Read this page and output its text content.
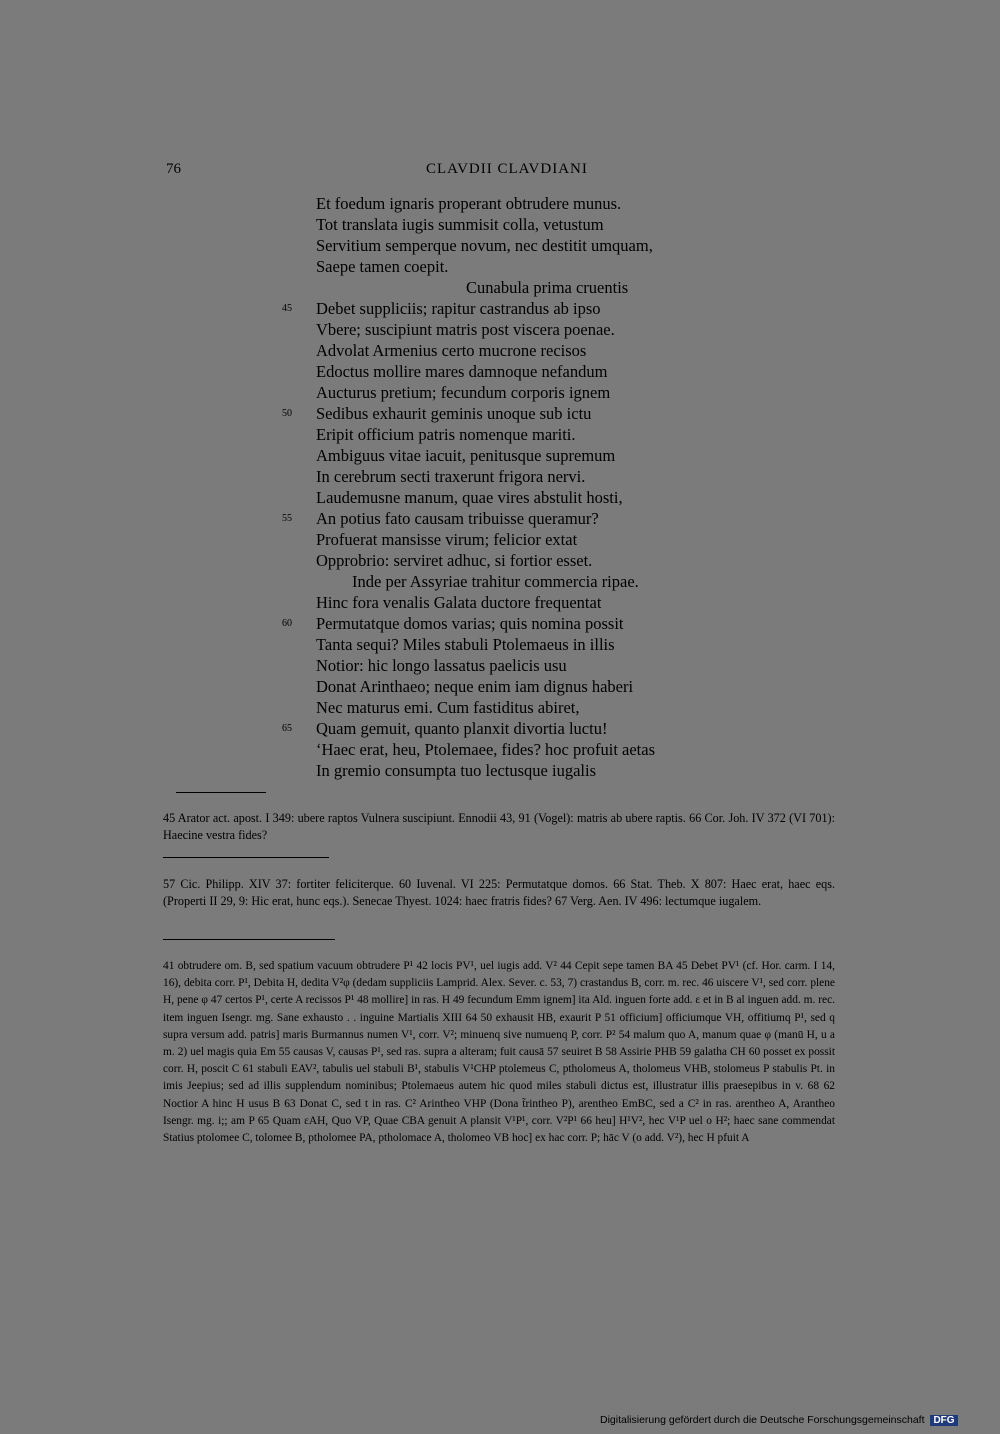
76	CLAVDII CLAVDIANI
Et foedum ignaris properant obtrudere munus.
Tot translata iugis summisit colla, vetustum
Servitium semperque novum, nec destitit umquam,
Saepe tamen coepit.
Cunabula prima cruentis
45 Debet suppliciis; rapitur castrandus ab ipso
Vbere; suscipiunt matris post viscera poenae.
Advolat Armenius certo mucrone recisos
Edoctus mollire mares damnoque nefandum
Aucturus pretium; fecundum corporis ignem
50 Sedibus exhaurit geminis unoque sub ictu
Eripit officium patris nomenque mariti.
Ambiguus vitae iacuit, penitusque supremum
In cerebrum secti traxerunt frigora nervi.
Laudemusne manum, quae vires abstulit hosti,
55 An potius fato causam tribuisse queramur?
Profuerat mansisse virum; felicior extat
Opprobrio: serviret adhuc, si fortior esset.
Inde per Assyriae trahitur commercia ripae.
Hinc fora venalis Galata ductore frequentat
60 Permutatque domos varias; quis nomina possit
Tanta sequi? Miles stabuli Ptolemaeus in illis
Notior: hic longo lassatus paelicis usu
Donat Arinthaeo; neque enim iam dignus haberi
Nec maturus emi. Cum fastiditus abiret,
65 Quam gemuit, quanto planxit divortia luctu!
‘Haec erat, heu, Ptolemaee, fides? hoc profuit aetas
In gremio consumpta tuo lectusque iugalis

45 Arator act. apost. I 349: ubere raptos Vulnera suscipiunt. Ennodii 43, 91 (Vogel): matris ab ubere raptis. 66 Cor. Joh. IV 372 (VI 701): Haecine vestra fides?

57 Cic. Philipp. XIV 37: fortiter feliciterque. 60 Iuvenal. VI 225: Permutatque domos. 66 Stat. Theb. X 807: Haec erat, haec eqs. (Properti II 29, 9: Hic erat, hunc eqs.). Senecae Thyest. 1024: haec fratris fides? 67 Verg. Aen. IV 496: lectumque iugalem.

41 obtrudere om. B, sed spatium vacuum obtrudere P¹ 42 locis PV¹, uel iugis add. V² 44 Cepit sepe tamen BA 45 Debet PV¹ (cf. Hor. carm. I 14, 16), debita corr. P¹, Debita H, dedita V²φ (dedam suppliciis Lamprid. Alex. Sever. c. 53, 7) crastandus B, corr. m. rec. 46 uiscere V¹, sed corr. plene H, pene φ 47 certos P¹, certe A recissos P¹ 48 mollire] in ras. H 49 fecundum Emm ignem] ita Ald. inguen forte add. ε et in B al inguen add. m. rec. item inguen Isengr. mg. Sane exhausto . . inguine Martialis XIII 64 50 exhausit HB, exaurit P 51 officium] officiumque VH, offitiumq P¹, sed q supra versum add. patris] maris Burmannus numen V¹, corr. V²; minuenq sive numuenq P, corr. P² 54 malum quo A, manum quae φ (manū H, u a m. 2) uel magis quia Em 55 causas V, causas P¹, sed ras. supra a alteram; fuit causā 57 seuiret B 58 Assirie PHB 59 galatha CH 60 posset ex possit corr. H, poscit C 61 stabuli EAV², tabulis uel stabuli B¹, stabulis V¹CHP ptolemeus C, ptholomeus A, tholomeus VHB, stolomeus P stabulis Pt. in imis Jeepius; sed ad illis supplendum nominibus; Ptolemaeus autem hic quod miles stabuli dictus est, illustratur illis praesepibus in v. 68 62 Noctior A hinc H usus B 63 Donat C, sed t in ras. C² Arintheo VHP (Dona t̃rintheo P), arentheo EmBC, sed a C² in ras. arentheo A, Arantheo Isengr. mg. i;; am P 65 Quam εAH, Quo VP, Quae CBA genuit A plansit V¹P¹, corr. V²P¹ 66 heu] H¹V², hec V¹P uel o H²; haec sane commendat Statius ptolomee C, tolomee B, ptholomee PA, ptholomace A, tholomeo VB hoc] ex hac corr. P; hāc V (o add. V²), hec H pfuit A

Digitalisierung gefördert durch die Deutsche Forschungsgemeinschaft DFG
